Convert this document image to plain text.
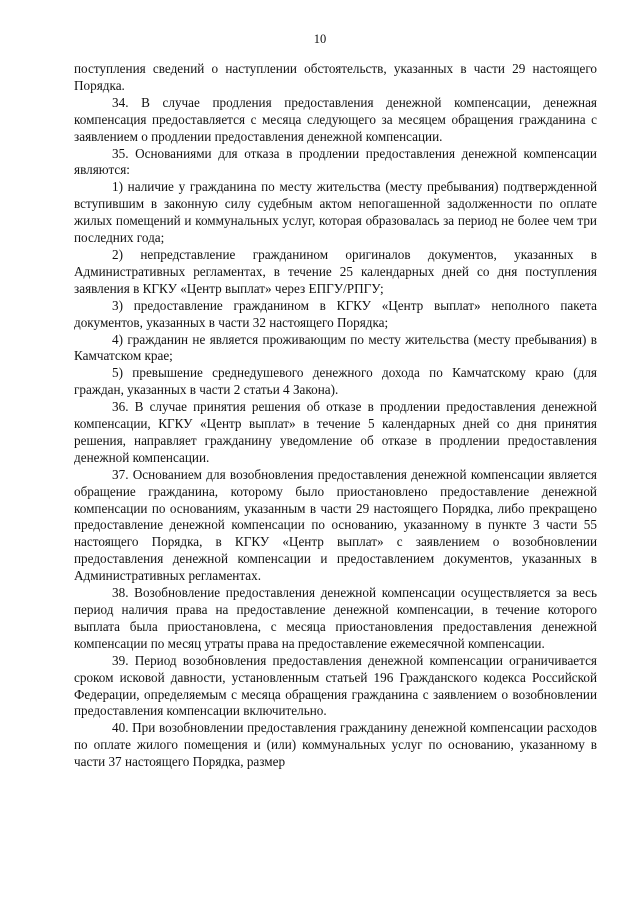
10

поступления сведений о наступлении обстоятельств, указанных в части 29 настоящего Порядка.

34. В случае продления предоставления денежной компенсации, денежная компенсация предоставляется с месяца следующего за месяцем обращения гражданина с заявлением о продлении предоставления денежной компенсации.

35. Основаниями для отказа в продлении предоставления денежной компенсации являются:

1) наличие у гражданина по месту жительства (месту пребывания) подтвержденной вступившим в законную силу судебным актом непогашенной задолженности по оплате жилых помещений и коммунальных услуг, которая образовалась за период не более чем три последних года;

2) непредставление гражданином оригиналов документов, указанных в Административных регламентах, в течение 25 календарных дней со дня поступления заявления в КГКУ «Центр выплат» через ЕПГУ/РПГУ;

3) предоставление гражданином в КГКУ «Центр выплат» неполного пакета документов, указанных в части 32 настоящего Порядка;

4) гражданин не является проживающим по месту жительства (месту пребывания) в Камчатском крае;

5) превышение среднедушевого денежного дохода по Камчатскому краю (для граждан, указанных в части 2 статьи 4 Закона).

36. В случае принятия решения об отказе в продлении предоставления денежной компенсации, КГКУ «Центр выплат» в течение 5 календарных дней со дня принятия решения, направляет гражданину уведомление об отказе в продлении предоставления денежной компенсации.

37. Основанием для возобновления предоставления денежной компенсации является обращение гражданина, которому было приостановлено предоставление денежной компенсации по основаниям, указанным в части 29 настоящего Порядка, либо прекращено предоставление денежной компенсации по основанию, указанному в пункте 3 части 55 настоящего Порядка, в КГКУ «Центр выплат» с заявлением о возобновлении предоставления денежной компенсации и предоставлением документов, указанных в Административных регламентах.

38. Возобновление предоставления денежной компенсации осуществляется за весь период наличия права на предоставление денежной компенсации, в течение которого выплата была приостановлена, с месяца приостановления предоставления денежной компенсации по месяц утраты права на предоставление ежемесячной компенсации.

39. Период возобновления предоставления денежной компенсации ограничивается сроком исковой давности, установленным статьей 196 Гражданского кодекса Российской Федерации, определяемым с месяца обращения гражданина с заявлением о возобновлении предоставления компенсации включительно.

40. При возобновлении предоставления гражданину денежной компенсации расходов по оплате жилого помещения и (или) коммунальных услуг по основанию, указанному в части 37 настоящего Порядка, размер
